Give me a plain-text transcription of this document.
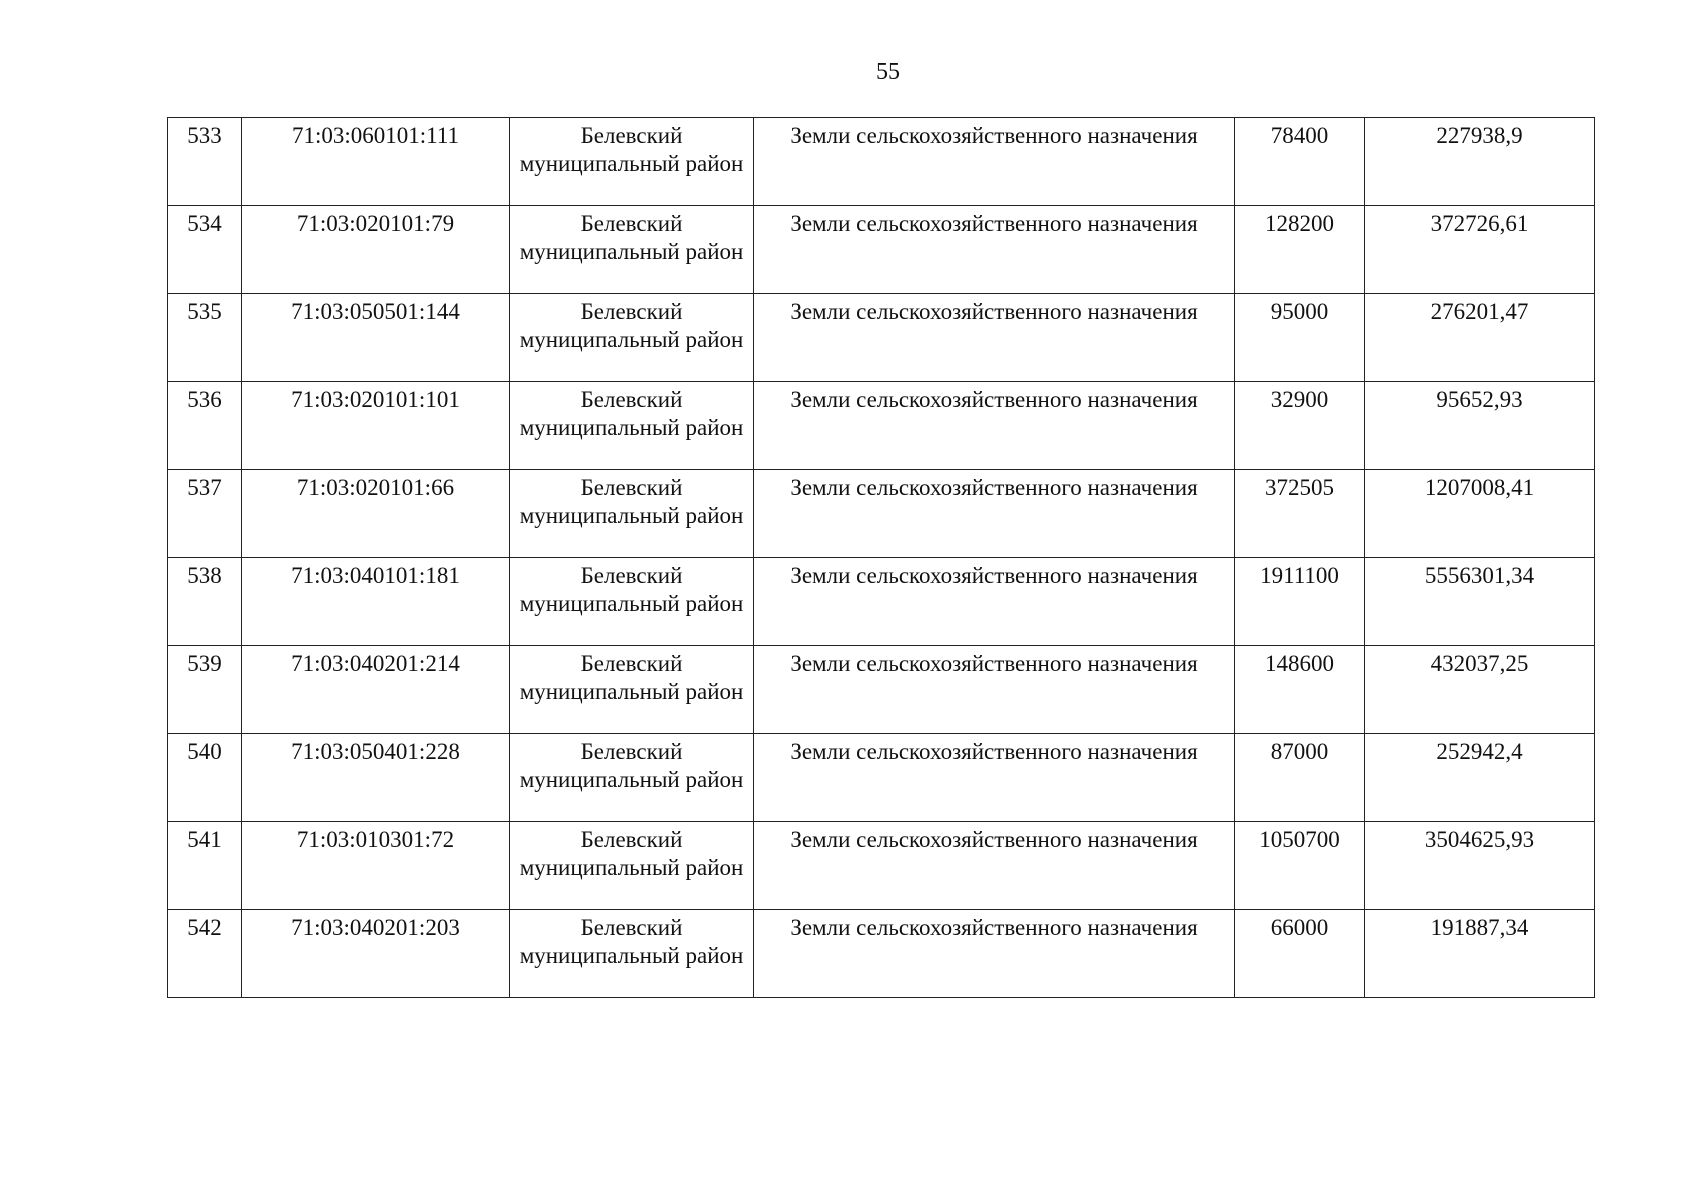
55
533	71:03:060101:111	Белевский муниципальный район	Земли сельскохозяйственного назначения	78400	227938,9
534	71:03:020101:79	Белевский муниципальный район	Земли сельскохозяйственного назначения	128200	372726,61
535	71:03:050501:144	Белевский муниципальный район	Земли сельскохозяйственного назначения	95000	276201,47
536	71:03:020101:101	Белевский муниципальный район	Земли сельскохозяйственного назначения	32900	95652,93
537	71:03:020101:66	Белевский муниципальный район	Земли сельскохозяйственного назначения	372505	1207008,41
538	71:03:040101:181	Белевский муниципальный район	Земли сельскохозяйственного назначения	1911100	5556301,34
539	71:03:040201:214	Белевский муниципальный район	Земли сельскохозяйственного назначения	148600	432037,25
540	71:03:050401:228	Белевский муниципальный район	Земли сельскохозяйственного назначения	87000	252942,4
541	71:03:010301:72	Белевский муниципальный район	Земли сельскохозяйственного назначения	1050700	3504625,93
542	71:03:040201:203	Белевский муниципальный район	Земли сельскохозяйственного назначения	66000	191887,34
